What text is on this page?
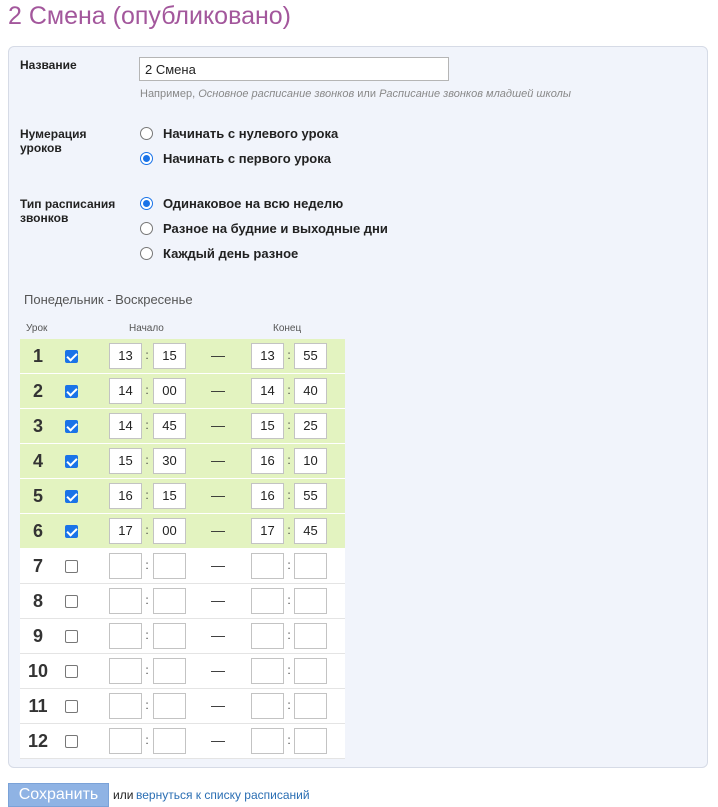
2 Смена (опубликовано)
Название
2 Смена
Например, Основное расписание звонков или Расписание звонков младшей школы
Нумерация уроков
Начинать с нулевого урока
Начинать с первого урока
Тип расписания звонков
Одинаковое на всю неделю
Разное на будние и выходные дни
Каждый день разное
Понедельник - Воскресенье
Урок	Начало	Конец
1	13	:	15	—	13	: 55
2	14	:	00	—	14	: 40
3	14	:	45	—	15	: 25
4	15	:	30	—	16	: 10
5	16	:	15	—	16	: 55
6	17	:	00	—	17	: 45
7	:	—	:
8	:	—	:
9	:	—	:
10	:	—	:
11	:	—	:
12	:	—	:
Сохранить	или вернуться к списку расписаний
